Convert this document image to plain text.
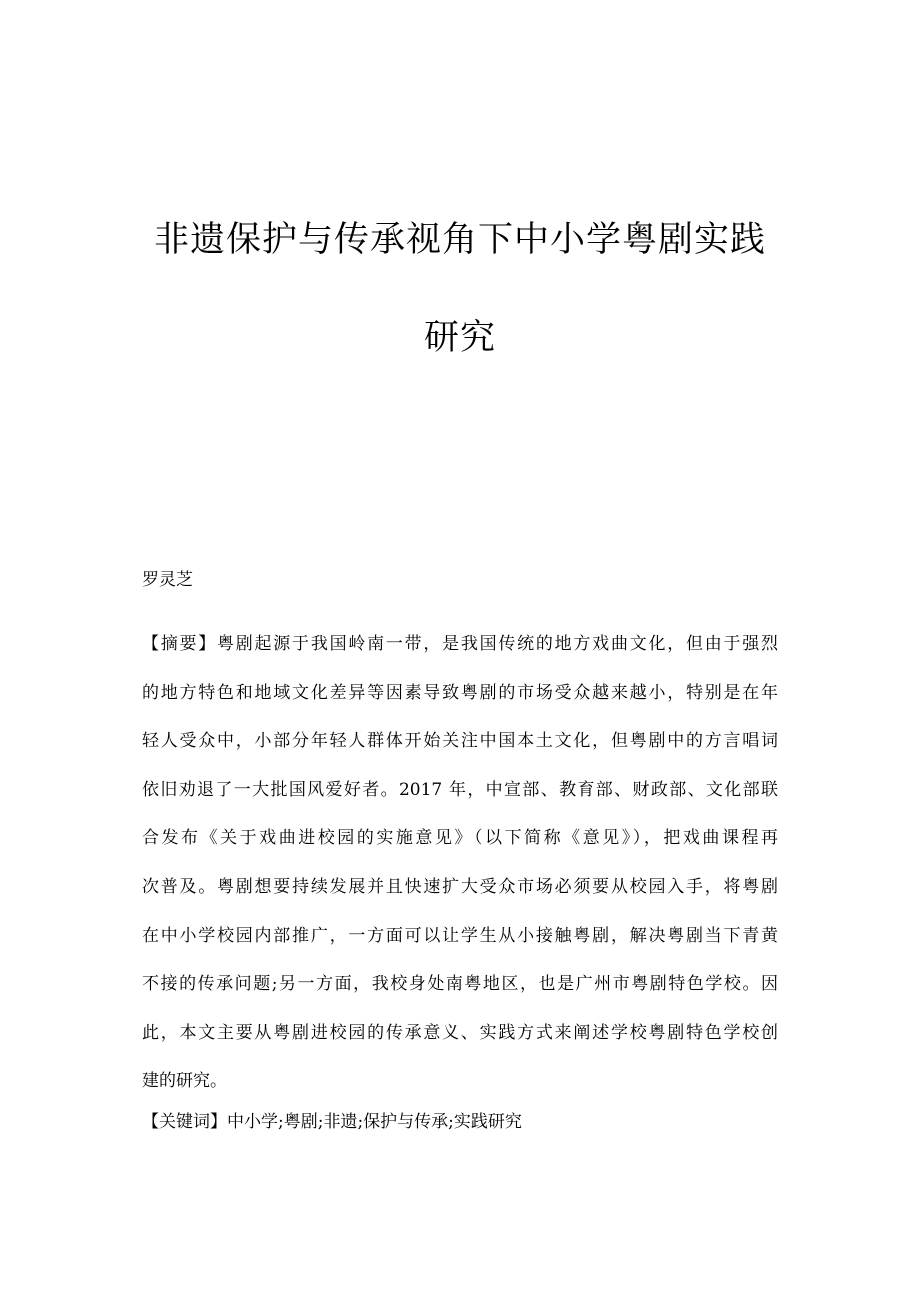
非遗保护与传承视角下中小学粤剧实践
研究

罗灵芝

【摘要】粤剧起源于我国岭南一带，是我国传统的地方戏曲文化，但由于强烈
的地方特色和地域文化差异等因素导致粤剧的市场受众越来越小，特别是在年
轻人受众中，小部分年轻人群体开始关注中国本土文化，但粤剧中的方言唱词
依旧劝退了一大批国风爱好者。2017 年，中宣部、教育部、财政部、文化部联
合发布《关于戏曲进校园的实施意见》（以下简称《意见》），把戏曲课程再
次普及。粤剧想要持续发展并且快速扩大受众市场必须要从校园入手，将粤剧
在中小学校园内部推广，一方面可以让学生从小接触粤剧，解决粤剧当下青黄
不接的传承问题;另一方面，我校身处南粤地区，也是广州市粤剧特色学校。因
此，本文主要从粤剧进校园的传承意义、实践方式来阐述学校粤剧特色学校创
建的研究。

【关键词】中小学;粤剧;非遗;保护与传承;实践研究
